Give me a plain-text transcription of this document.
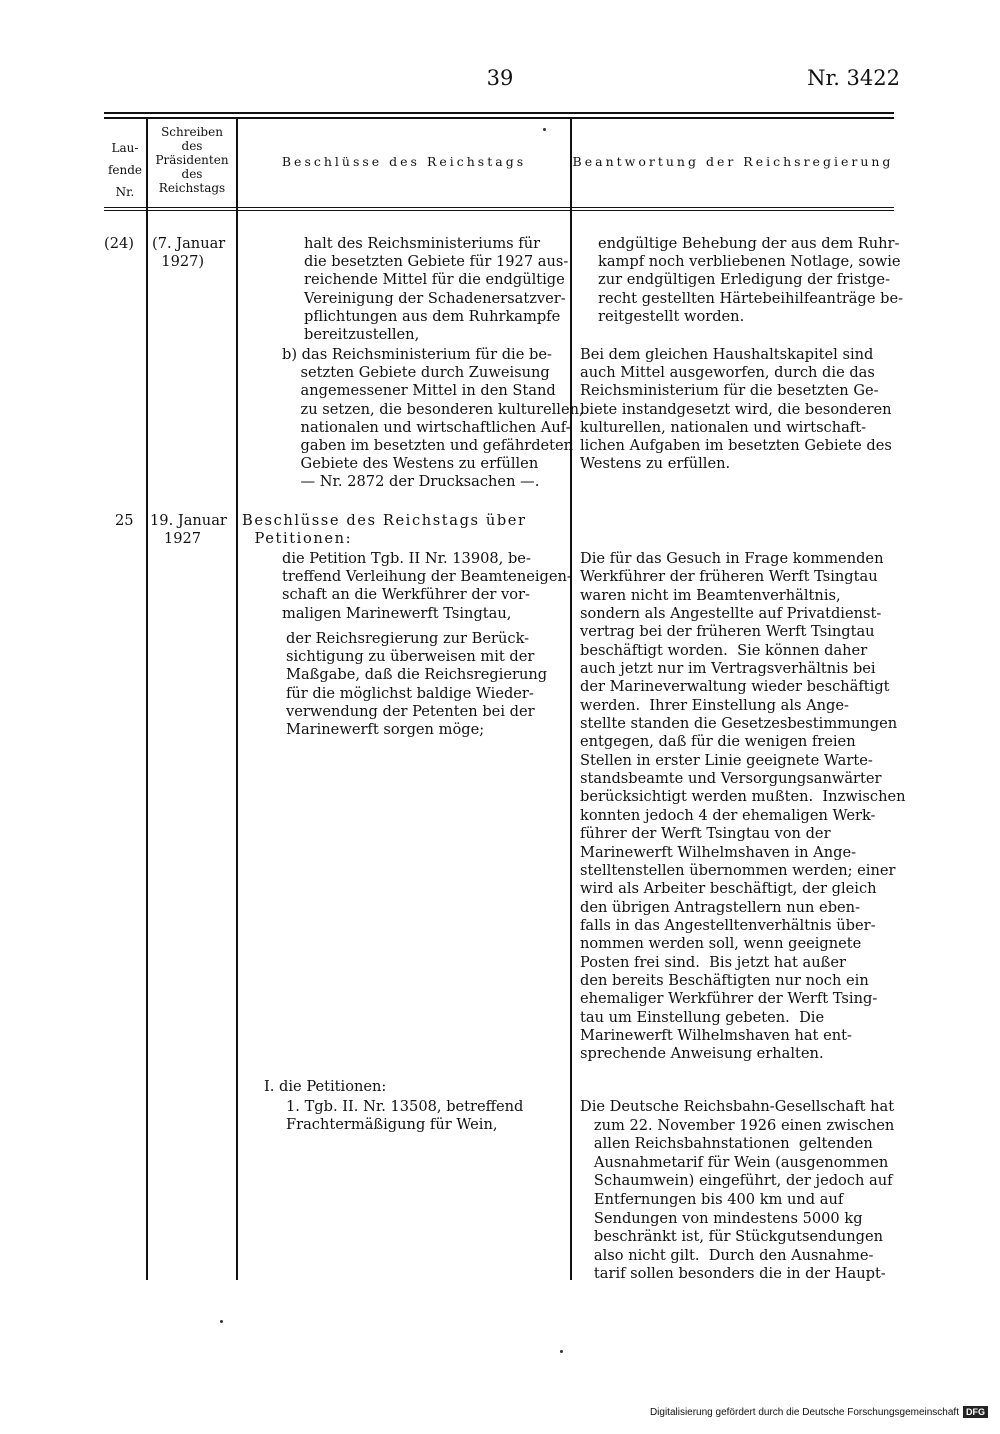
39	Nr. 3422
Lau-
fende
Nr.
Schreiben
des
Präsidenten
des
Reichstags
Beschlüsse des Reichstags	Beantwortung der Reichsregierung
(24) (7. Januar
1927)
halt des Reichsministeriums für
die besetzten Gebiete für 1927 aus-
reichende Mittel für die endgültige
Vereinigung der Schadenersatzver-
pflichtungen aus dem Ruhrkampfe
bereitzustellen,
b) das Reichsministerium für die be-
setzten Gebiete durch Zuweisung
angemessener Mittel in den Stand
zu setzen, die besonderen kulturellen,
nationalen und wirtschaftlichen Auf-
gaben im besetzten und gefährdeten
Gebiete des Westens zu erfüllen
— Nr. 2872 der Drucksachen —.
endgültige Behebung der aus dem Ruhr-
kampf noch verbliebenen Notlage, sowie
zur endgültigen Erledigung der fristge-
recht gestellten Härtebeihilfeanträge be-
reitgestellt worden.
Bei dem gleichen Haushaltskapitel sind
auch Mittel ausgeworfen, durch die das
Reichsministerium für die besetzten Ge-
biete instandgesetzt wird, die besonderen
kulturellen, nationalen und wirtschaft-
lichen Aufgaben im besetzten Gebiete des
Westens zu erfüllen.
25 19. Januar
1927
Beschlüsse des Reichstags über
Petitionen:
die Petition Tgb. II Nr. 13908, be-
treffend Verleihung der Beamteneigen-
schaft an die Werkführer der vor-
maligen Marinewerft Tsingtau,
der Reichsregierung zur Berück-
sichtigung zu überweisen mit der
Maßgabe, daß die Reichsregierung
für die möglichst baldige Wieder-
verwendung der Petenten bei der
Marinewerft sorgen möge;
Die für das Gesuch in Frage kommenden
Werkführer der früheren Werft Tsingtau
waren nicht im Beamtenverhältnis,
sondern als Angestellte auf Privatdienst-
vertrag bei der früheren Werft Tsingtau
beschäftigt worden.  Sie können daher
auch jetzt nur im Vertragsverhältnis bei
der Marineverwaltung wieder beschäftigt
werden.  Ihrer Einstellung als Ange-
stellte standen die Gesetzesbestimmungen
entgegen, daß für die wenigen freien
Stellen in erster Linie geeignete Warte-
standsbeamte und Versorgungsanwärter
berücksichtigt werden mußten.  Inzwischen
konnten jedoch 4 der ehemaligen Werk-
führer der Werft Tsingtau von der
Marinewerft Wilhelmshaven in Ange-
stelltenstellen übernommen werden; einer
wird als Arbeiter beschäftigt, der gleich
den übrigen Antragstellern nun eben-
falls in das Angestelltenverhältnis über-
nommen werden soll, wenn geeignete
Posten frei sind.  Bis jetzt hat außer
den bereits Beschäftigten nur noch ein
ehemaliger Werkführer der Werft Tsing-
tau um Einstellung gebeten.  Die
Marinewerft Wilhelmshaven hat ent-
sprechende Anweisung erhalten.
I. die Petitionen:
1. Tgb. II. Nr. 13508, betreffend
Frachtermäßigung für Wein,
Die Deutsche Reichsbahn-Gesellschaft hat
zum 22. November 1926 einen zwischen
allen Reichsbahnstationen  geltenden
Ausnahmetarif für Wein (ausgenommen
Schaumwein) eingeführt, der jedoch auf
Entfernungen bis 400 km und auf
Sendungen von mindestens 5000 kg
beschränkt ist, für Stückgutsendungen
also nicht gilt.  Durch den Ausnahme-
tarif sollen besonders die in der Haupt-
Digitalisierung gefördert durch die Deutsche Forschungsgemeinschaft DFG
